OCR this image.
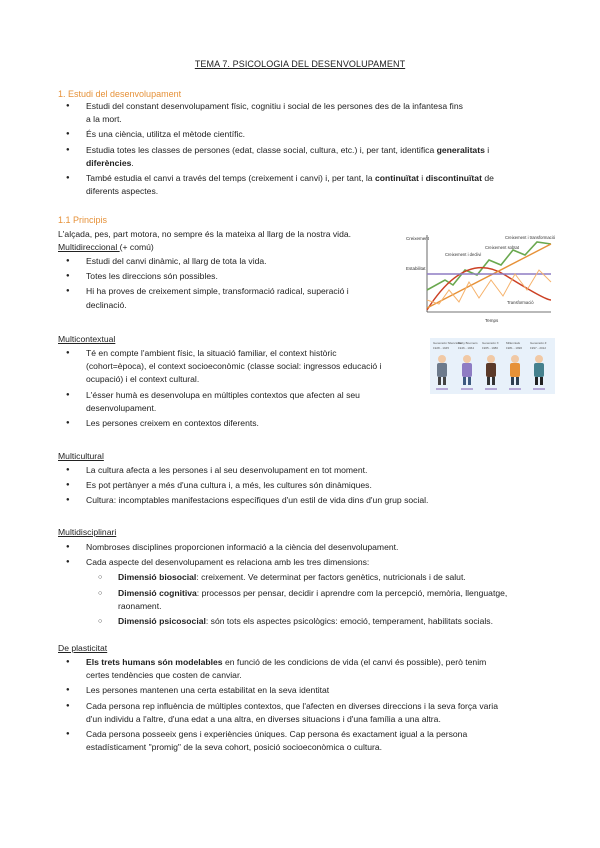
TEMA 7. PSICOLOGIA DEL DESENVOLUPAMENT
1. Estudi del desenvolupament
● Estudi del constant desenvolupament físic, cognitiu i social de les persones des de la infantesa fins
a la mort.
● És una ciència, utilitza el mètode científic.
● Estudia totes les classes de persones (edat, classe social, cultura, etc.) i, per tant, identifica generalitats i
diferències.
● També estudia el canvi a través del temps (creixement i canvi) i, per tant, la continuïtat i discontinuïtat de
diferents aspectes.
1.1 Principis
L'alçada, pes, part motora, no sempre és la mateixa al llarg de la nostra vida.
Multidireccional (+ comú)
● Estudi del canvi dinàmic, al llarg de tota la vida.
● Totes les direccions són possibles.
● Hi ha proves de creixement simple, transformació radical, superació i
declinació.
Creixement
Estabilitat
Creixement i transformació
Creixement sobtat
Creixement i declivi
Transformació
Temps
Multicontextual
● Té en compte l'ambient físic, la situació familiar, el context històric
(cohort=època), el context socioeconòmic (classe social: ingressos educació i
ocupació) i el context cultural.
● L'ésser humà es desenvolupa en múltiples contextos que afecten al seu
desenvolupament.
● Les persones creixem en contextos diferents.
Generació Silenciosa
Baby Boomers Generació X Millennials	Generació Z
1928 - 1945	1946 - 1964	1965 - 1980	1981 - 1996	1997 - 2012
Multicultural
● La cultura afecta a les persones i al seu desenvolupament en tot moment.
● Es pot pertànyer a més d'una cultura i, a més, les cultures són dinàmiques.
● Cultura: incomptables manifestacions específiques d'un estil de vida dins d'un grup social.
Multidisciplinari
● Nombroses disciplines proporcionen informació a la ciència del desenvolupament.
● Cada aspecte del desenvolupament es relaciona amb les tres dimensions:
○ Dimensió biosocial: creixement. Ve determinat per factors genètics, nutricionals i de salut.
○ Dimensió cognitiva: processos per pensar, decidir i aprendre com la percepció, memòria, llenguatge,
raonament.
○ Dimensió psicosocial: són tots els aspectes psicològics: emoció, temperament, habilitats socials.
De plasticitat
● Els trets humans són modelables en funció de les condicions de vida (el canvi és possible), però tenim
certes tendències que costen de canviar.
● Les persones mantenen una certa estabilitat en la seva identitat
● Cada persona rep influència de múltiples contextos, que l'afecten en diverses direccions i la seva força varia
d'un individu a l'altre, d'una edat a una altra, en diverses situacions i d'una família a una altra.
● Cada persona posseeix gens i experiències úniques. Cap persona és exactament igual a la persona
estadísticament "promig" de la seva cohort, posició socioeconòmica o cultura.
